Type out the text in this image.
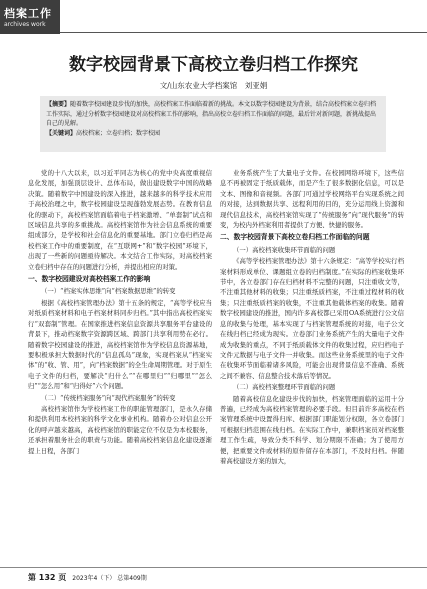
档案工作
archives work
数字校园背景下高校立卷归档工作探究
文/山东农业大学档案馆　刘亚娟
【摘要】随着数字校园建设步伐的加快，高校档案工作面临着新的挑战。本文以数字校园建设为背景，结合高校档案立卷归档工作实际，通过分析数字校园建设对高校档案工作的影响，指出高校立卷归档工作面临的问题，最后针对新问题，新挑战提出自己的见解。
【关键词】高校档案；立卷归档；数字校园

党的十八大以来，以习近平同志为核心的党中央高度重视信息化发展，加强顶层设计、总体布局，做出建设数字中国的战略决策。随着数字中国建设的深入推进，越来越多的科学技术应用于高校治理之中，数字校园建设呈现蓬勃发展态势。在教育信息化的驱动下，高校档案馆面临着电子档案激增、“单套制”试点和区域信息共享的多重挑战。高校档案馆作为社会信息系统的重要组成部分，是学校和社会信息化的重要基地。部门立卷归档是高校档案工作中的重要制度，在“互联网+”和“数字校园”环境下，出现了一些新的问题亟待解决。本文结合工作实际，对高校档案立卷归档中存在的问题进行分析，并提出相应的对策。

一、数字校园建设对高校档案工作的影响
（一）“档案实体思维”向“档案数据思维”的转变

根据《高校档案管理办法》第十五条的规定，“高等学校应当对纸质档案材料和电子档案材料同步归档。”其中指出高校档案实行“双套制”管理。在国家推进档案信息资源共享服务平台建设的背景下，推动档案数字资源跨区域、跨部门共享利用势在必行。随着数字校园建设的推进，高校档案馆作为学校信息资源基地，要积极承担大数据时代的“信息孤岛”现象，实现档案从“档案实体”的“收、管、用”，向“档案数据”的全生命周期管理。对于原生电子文件的归档，要解决“归什么”“在哪里归”“归哪里”“怎么归”“怎么用”和“归得好”六个问题。

（二）“传统档案服务”向“现代档案服务”的转变

高校档案馆作为学校档案工作的职能管理部门，是永久存储和提供利用本校档案的科学文化事业机构。随着办公对信息公开化的呼声越来越高，高校档案馆的职能定位不仅是为本校服务，还承担着服务社会的职责与功能。随着高校档案信息化建设逐渐提上日程，各部门

业务系统产生了大量电子文件。在校园网络环境下，这些信息不再被固定于纸质载体，而是产生了很多数据化信息，可以是文本、图像和音视频。各部门可通过学校网络平台实现系统之间的对接，达到数据共享、远程利用的目的，充分运用线上资源和现代信息技术，高校档案馆实现了“传统服务”向“现代服务”的转变，为校内外档案利用者提供了方便、快捷的服务。

二、数字校园背景下高校立卷归档工作面临的问题
（一）高校档案收集环节面临的问题

《高等学校档案管理办法》第十六条规定：“高等学校实行档案材料形成单位、课题组立卷的归档制度。”在实际的档案收集环节中，各立卷部门存在归档材料不完整的问题，只注重收文等，不注重其他材料的收集；只注重纸质档案，不注重过程材料的收集；只注重纸质档案的收集，不注重其他载体档案的收集。随着数字校园建设的推进，国内许多高校都已采用OA系统进行公文信息的收集与处理，基本实现了与档案管理系统的对接，电子公文在线归档已经成为现实。立卷部门业务系统产生的大量电子文件成为收集的重点，不同于纸质载体文件的收集过程，应归档电子文件元数据与电子文件一并收集。而这些业务系统里的电子文件在收集环节面临着诸多风险，可能会出现背景信息不准确、系统之间不兼容、信息整合技术落后等情况。

（二）高校档案整理环节面临的问题

随着高校信息化建设步伐的加快，档案管理面临的运用十分普遍，已经成为高校档案管理的必要手段。但目前许多高校在档案管理系统中设置得归库、根据部门职能划分权限，各立卷部门可根据归档范围在线归档。在实际工作中，兼职档案员对档案整理工作生疏，导致分类不科学、划分期限不准确；为了使用方便，把重要文件或材料的原件留存在本部门，不及时归档。伴随着高校建设方案的加大，

第 132 页 2023年4（下） 总第409期
